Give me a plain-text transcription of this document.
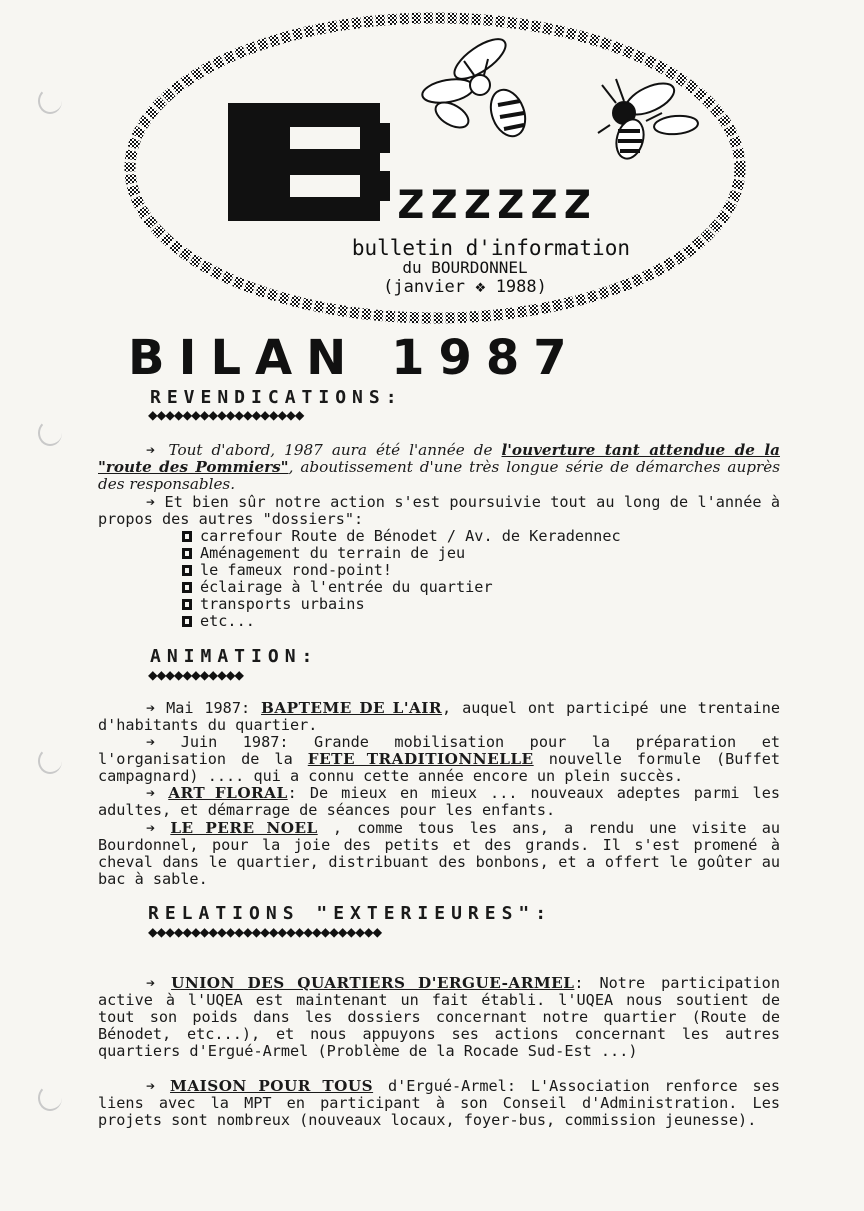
zzzzzz
bulletin d'information
du BOURDONNEL
(janvier ❖ 1988)
BILAN 1987
REVENDICATIONS:
◆◆◆◆◆◆◆◆◆◆◆◆◆◆◆◆◆◆

➔ Tout d'abord, 1987 aura été l'année de l'ouverture tant attendue de la "route des Pommiers", aboutissement d'une très longue série de démarches auprès des responsables.

➔ Et bien sûr notre action s'est poursuivie tout au long de l'année à propos des autres "dossiers":

carrefour Route de Bénodet / Av. de Keradennec
Aménagement du terrain de jeu
le fameux rond-point!
éclairage à l'entrée du quartier
transports urbains
etc...
ANIMATION:
◆◆◆◆◆◆◆◆◆◆◆

➔ Mai 1987: BAPTEME DE L'AIR, auquel ont participé une trentaine d'habitants du quartier.

➔ Juin 1987: Grande mobilisation pour la préparation et l'organisation de la FETE TRADITIONNELLE nouvelle formule (Buffet campagnard) .... qui a connu cette année encore un plein succès.

➔ ART FLORAL: De mieux en mieux ... nouveaux adeptes parmi les adultes, et démarrage de séances pour les enfants.

➔ LE PERE NOEL , comme tous les ans, a rendu une visite au Bourdonnel, pour la joie des petits et des grands. Il s'est promené à cheval dans le quartier, distribuant des bonbons, et a offert le goûter au bac à sable.

RELATIONS "EXTERIEURES":
◆◆◆◆◆◆◆◆◆◆◆◆◆◆◆◆◆◆◆◆◆◆◆◆◆◆◆

➔ UNION DES QUARTIERS D'ERGUE-ARMEL: Notre participation active à l'UQEA est maintenant un fait établi. l'UQEA nous soutient de tout son poids dans les dossiers concernant notre quartier (Route de Bénodet, etc...), et nous appuyons ses actions concernant les autres quartiers d'Ergué-Armel (Problème de la Rocade Sud-Est ...)

➔ MAISON POUR TOUS d'Ergué-Armel: L'Association renforce ses liens avec la MPT en participant à son Conseil d'Administration. Les projets sont nombreux (nouveaux locaux, foyer-bus, commission jeunesse).
